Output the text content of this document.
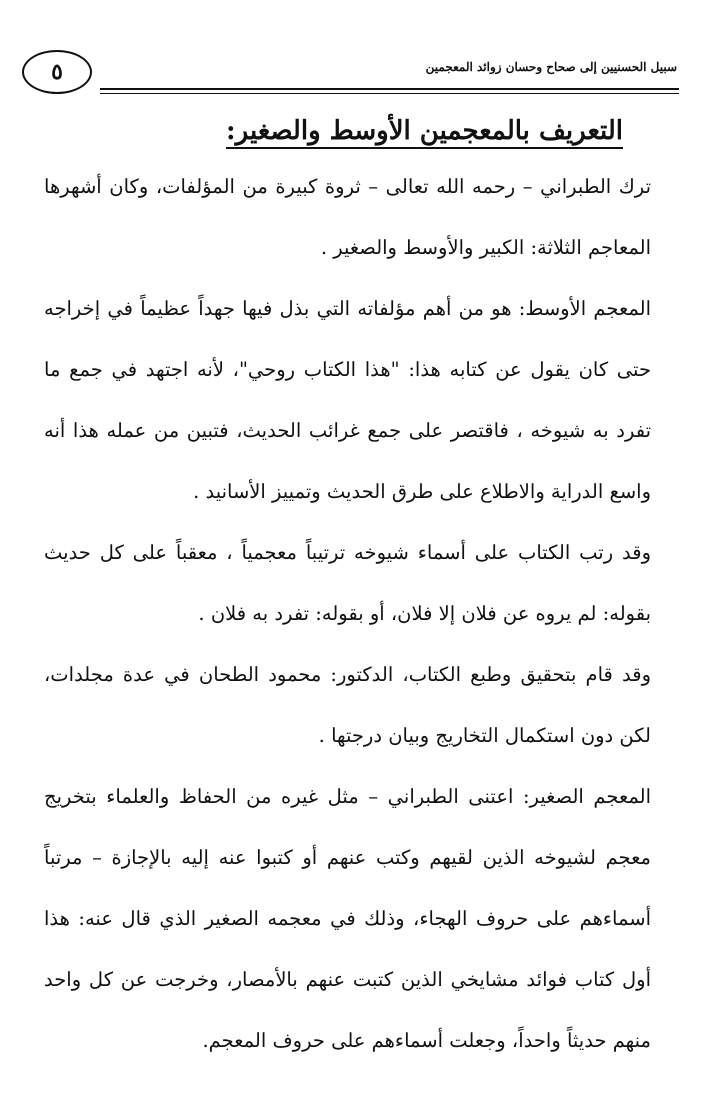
٥	سبيل الحسنيين إلى صحاح وحسان زوائد المعجمين
التعريف بالمعجمين الأوسط والصغير:

ترك الطبراني – رحمه الله تعالى – ثروة كبيرة من المؤلفات، وكان أشهرها المعاجم الثلاثة: الكبير والأوسط والصغير .

المعجم الأوسط: هو من أهم مؤلفاته التي بذل فيها جهداً عظيماً في إخراجه حتى كان يقول عن كتابه هذا: "هذا الكتاب روحي"، لأنه اجتهد في جمع ما تفرد به شيوخه ، فاقتصر على جمع غرائب الحديث، فتبين من عمله هذا أنه واسع الدراية والاطلاع على طرق الحديث وتمييز الأسانيد .

وقد رتب الكتاب على أسماء شيوخه ترتيباً معجمياً ، معقباً على كل حديث بقوله: لم يروه عن فلان إلا فلان، أو بقوله: تفرد به فلان .

وقد قام بتحقيق وطبع الكتاب، الدكتور: محمود الطحان في عدة مجلدات، لكن دون استكمال التخاريج وبيان درجتها .

المعجم الصغير: اعتنى الطبراني – مثل غيره من الحفاظ والعلماء بتخريج معجم لشيوخه الذين لقيهم وكتب عنهم أو كتبوا عنه إليه بالإجازة – مرتباً أسماءهم على حروف الهجاء، وذلك في معجمه الصغير الذي قال عنه: هذا أول كتاب فوائد مشايخي الذين كتبت عنهم بالأمصار، وخرجت عن كل واحد منهم حديثاً واحداً، وجعلت أسماءهم على حروف المعجم.
